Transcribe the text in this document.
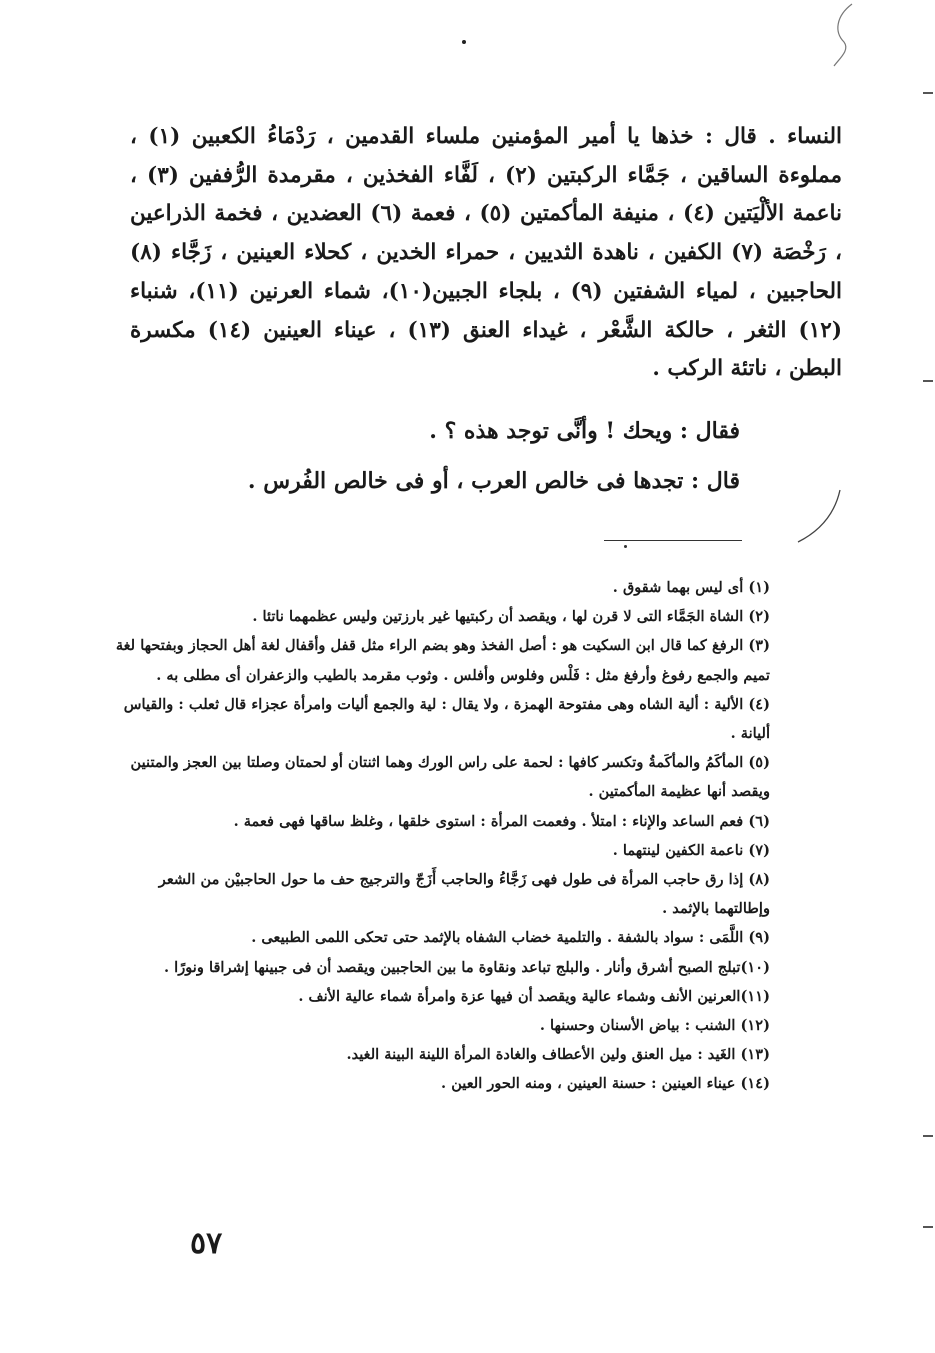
النساء . قال : خذها يا أمير المؤمنين ملساء القدمين ، رَدْمَاءُ الكعبين (١) ، مملوءة الساقين ، جَمَّاء الركبتين (٢) ، لَفَّاء الفخذين ، مقرمدة الرُّففين (٣) ، ناعمة الألْيَتين (٤) ، منيفة المأكمتين (٥) ، فعمة (٦) العضدين ، فخمة الذراعين ، رَخْصَة (٧) الكفين ، ناهدة الثديين ، حمراء الخدين ، كحلاء العينين ، زَجَّاء (٨) الحاجبين ، لمياء الشفتين (٩) ، بلجاء الجبين(١٠)، شماء العرنين (١١)، شنباء (١٢) الثغر ، حالكة الشَّعْر ، غيداء العنق (١٣) ، عيناء العينين (١٤) مكسرة البطن ، ناتئة الركب .

فقال : ويحك ! وأنَّى توجد هذه ؟ .
قال : تجدها فى خالص العرب ، أو فى خالص الفُرس .

(١) أى ليس بهما شقوق .

(٢) الشاة الجَمَّاء التى لا قرن لها ، ويقصد أن ركبتيها غير بارزتين وليس عظمهما ناتئا .

(٣) الرفغ كما قال ابن السكيت هو : أصل الفخذ وهو بضم الراء مثل قفل وأقفال لغة أهل الحجاز وبفتحها لغة تميم والجمع رفوغ وأرفغ مثل : فَلْس وفلوس وأفلس . وثوب مقرمد بالطيب والزعفران أى مطلى به .

(٤) الألية : ألية الشاه وهى مفتوحة الهمزة ، ولا يقال : لية والجمع أليات وامرأة عجزاء قال ثعلب : والقياس أليانة .

(٥) المأكَمُ والمأكَمةُ وتكسر كافها : لحمة على راس الورك وهما اثنتان أو لحمتان وصلتا بين العجز والمتنين ويقصد أنها عظيمة المأكمتين .

(٦) فعم الساعد والإناء : امتلأ . وفعمت المرأة : استوى خلقها ، وغلظ ساقها فهى فعمة .

(٧) ناعمة الكفين لينتهما .

(٨) إذا رق حاجب المرأة فى طول فهى زَجَّاءُ والحاجب أَزَجّ والترجيج حف ما حول الحاجبيْن من الشعر وإطالتهما بالإثمد .

(٩) اللَّمَى : سواد بالشفة . والتلمية خضاب الشفاه بالإثمد حتى تحكى اللمى الطبيعى .

(١٠)تبلج الصبح أشرق وأنار . والبلج تباعد ونقاوة ما بين الحاجبين ويقصد أن فى جبينها إشراقا ونورًا .

(١١)العرنين الأنف وشماء عالية ويقصد أن فيها عزة وامرأة شماء عالية الأنف .

(١٢) الشنب : بياض الأسنان وحسنها .

(١٣) الغَيد : ميل العنق ولين الأعطاف والغادة المرأة اللينة البينة الغيد.

(١٤) عيناء العينين : حسنة العينين ، ومنه الحور العين .

٥٧
